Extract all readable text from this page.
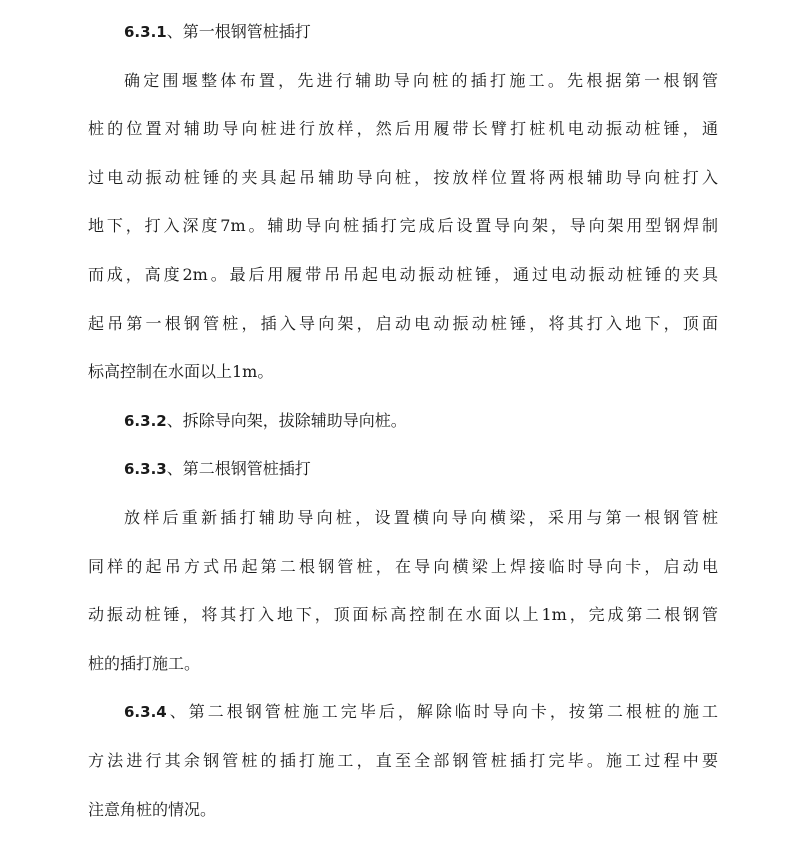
6.3.1、第一根钢管桩插打
确定围堰整体布置，先进行辅助导向桩的插打施工。先根据第一根钢管
桩的位置对辅助导向桩进行放样，然后用履带长臂打桩机电动振动桩锤，通
过电动振动桩锤的夹具起吊辅助导向桩，按放样位置将两根辅助导向桩打入
地下，打入深度7m。辅助导向桩插打完成后设置导向架，导向架用型钢焊制
而成，高度2m。最后用履带吊吊起电动振动桩锤，通过电动振动桩锤的夹具
起吊第一根钢管桩，插入导向架，启动电动振动桩锤，将其打入地下，顶面
标高控制在水面以上1m。
6.3.2、拆除导向架，拔除辅助导向桩。
6.3.3、第二根钢管桩插打
放样后重新插打辅助导向桩，设置横向导向横梁，采用与第一根钢管桩
同样的起吊方式吊起第二根钢管桩，在导向横梁上焊接临时导向卡，启动电
动振动桩锤，将其打入地下，顶面标高控制在水面以上1m，完成第二根钢管
桩的插打施工。
6.3.4、第二根钢管桩施工完毕后，解除临时导向卡，按第二根桩的施工
方法进行其余钢管桩的插打施工，直至全部钢管桩插打完毕。施工过程中要
注意角桩的情况。
